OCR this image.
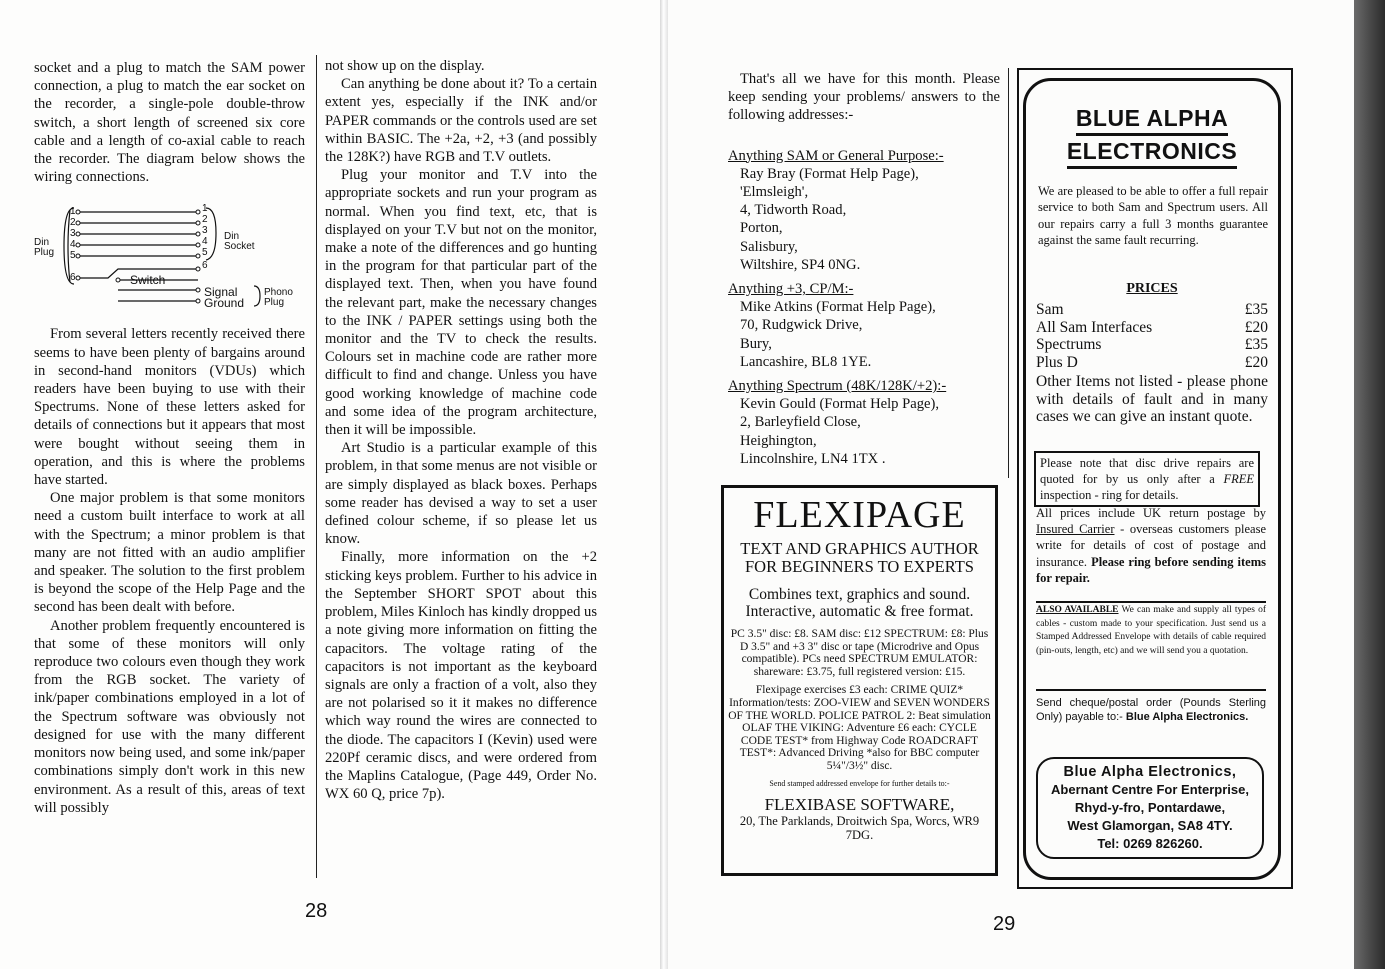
socket and a plug to match the SAM power connection, a plug to match the ear socket on the recorder, a single-pole double-throw switch, a short length of screened six core cable and a length of co-axial cable to reach the recorder. The diagram below shows the wiring connections.

Din
Plug
Din
Socket
Phono
Plug
Switch
Signal
Ground
1
2
3
4
5
6
1
2
3
4
5
6

From several letters recently received there seems to have been plenty of bargains around in second-hand monitors (VDUs) which readers have been buying to use with their Spectrums. None of these letters asked for details of connections but it appears that most were bought without seeing them in operation, and this is where the problems have started.

One major problem is that some monitors need a custom built interface to work at all with the Spectrum; a minor problem is that many are not fitted with an audio amplifier and speaker. The solution to the first problem is beyond the scope of the Help Page and the second has been dealt with before.

Another problem frequently encountered is that some of these monitors will only reproduce two colours even though they work from the RGB socket. The variety of ink/paper combinations employed in a lot of the Spectrum software was obviously not designed for use with the many different monitors now being used, and some ink/paper combinations simply don't work in this new environment. As a result of this, areas of text will possibly

not show up on the display.

Can anything be done about it? To a certain extent yes, especially if the INK and/or PAPER commands or the controls used are set within BASIC. The +2a, +2, +3 (and possibly the 128K?) have RGB and T.V outlets.

Plug your monitor and T.V into the appropriate sockets and run your program as normal. When you find text, etc, that is displayed on your T.V but not on the monitor, make a note of the differences and go hunting in the program for that particular part of the displayed text. Then, when you have found the relevant part, make the necessary changes to the INK / PAPER settings using both the monitor and the TV to check the results. Colours set in machine code are rather more difficult to find and change. Unless you have good working knowledge of machine code and some idea of the program architecture, then it will be impossible.

Art Studio is a particular example of this problem, in that some menus are not visible or are simply displayed as black boxes. Perhaps some reader has devised a way to set a user defined colour scheme, if so please let us know.

Finally, more information on the +2 sticking keys problem. Further to his advice in the September SHORT SPOT about this problem, Miles Kinloch has kindly dropped us a note giving more information on fitting the capacitors. The voltage rating of the capacitors is not important as the keyboard signals are only a fraction of a volt, also they are not polarised so it it makes no difference which way round the wires are connected to the diode. The capacitors I (Kevin) used were 220Pf ceramic discs, and were ordered from the Maplins Catalogue, (Page 449, Order No. WX 60 Q, price 7p).

28

That's all we have for this month. Please keep sending your problems/ answers to the following addresses:-

Anything SAM or General Purpose:-
Ray Bray (Format Help Page),
'Elmsleigh',
4, Tidworth Road,
Porton,
Salisbury,
Wiltshire, SP4 0NG.
Anything +3, CP/M:-
Mike Atkins (Format Help Page),
70, Rudgwick Drive,
Bury,
Lancashire, BL8 1YE.
Anything Spectrum (48K/128K/+2):-
Kevin Gould (Format Help Page),
2, Barleyfield Close,
Heighington,
Lincolnshire, LN4 1TX .
FLEXIPAGE
TEXT AND GRAPHICS AUTHOR FOR BEGINNERS TO EXPERTS
Combines text, graphics and sound. Interactive, automatic & free format.
PC 3.5" disc: £8. SAM disc: £12 SPECTRUM: £8: Plus D 3.5" and +3 3" disc or tape (Microdrive and Opus compatible). PCs need SPECTRUM EMULATOR: shareware: £3.75, full registered version: £15.
Flexipage exercises £3 each: CRIME QUIZ* Information/tests: ZOO-VIEW and SEVEN WONDERS OF THE WORLD. POLICE PATROL 2: Beat simulation OLAF THE VIKING: Adventure £6 each: CYCLE CODE TEST* from Highway Code ROADCRAFT TEST*: Advanced Driving *also for BBC computer 5¼"/3½" disc.
Send stamped addressed envelope for further details to:-
FLEXIBASE SOFTWARE,
20, The Parklands, Droitwich Spa, Worcs, WR9 7DG.
BLUE ALPHA
ELECTRONICS
We are pleased to be able to offer a full repair service to both Sam and Spectrum users. All our repairs carry a full 3 months guarantee against the same fault recurring.
PRICES
Sam	£35
All Sam Interfaces	£20
Spectrums	£35
Plus D	£20
Other Items not listed - please phone with details of fault and in many cases we can give an instant quote.
Please note that disc drive repairs are quoted for by us only after a FREE inspection - ring for details.
All prices include UK return postage by Insured Carrier - overseas customers please write for details of cost of postage and insurance. Please ring before sending items for repair.
ALSO AVAILABLE We can make and supply all types of cables - custom made to your specification. Just send us a Stamped Addressed Envelope with details of cable required (pin-outs, length, etc) and we will send you a quotation.
Send cheque/postal order (Pounds Sterling Only) payable to:- Blue Alpha Electronics.
Blue Alpha Electronics,
Abernant Centre For Enterprise,
Rhyd-y-fro, Pontardawe,
West Glamorgan, SA8 4TY.
Tel: 0269 826260.
29
